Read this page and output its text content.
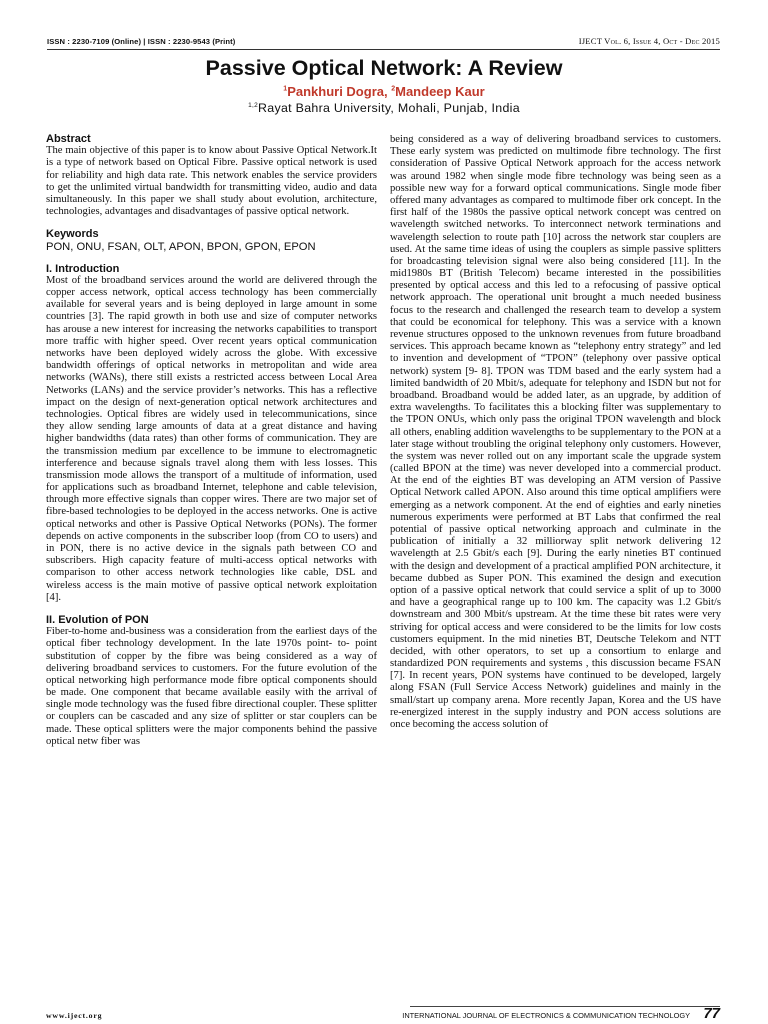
ISSN : 2230-7109 (Online) | ISSN : 2230-9543 (Print)	IJECT Vol. 6, Issue 4, Oct - Dec 2015
Passive Optical Network: A Review
$^1$Pankhuri Dogra, $^2$Mandeep Kaur
$^{1,2}$Rayat Bahra University, Mohali, Punjab, India

Abstract

The main objective of this paper is to know about Passive Optical Network.It is a type of network based on Optical Fibre. Passive optical network is used for reliability and high data rate. This network enables the service providers to get the unlimited virtual bandwidth for transmitting video, audio and data simultaneously. In this paper we shall study about evolution, architecture, technologies, advantages and disadvantages of passive optical network.

Keywords

PON, ONU, FSAN, OLT, APON, BPON, GPON, EPON

I. Introduction

Most of the broadband services around the world are delivered through the copper access network, optical access technology has been commercially available for several years and is being deployed in large amount in some countries [3]. The rapid growth in both use and size of computer networks has arouse a new interest for increasing the networks capabilities to transport more traffic with higher speed. Over recent years optical communication networks have been deployed widely across the globe. With excessive bandwidth offerings of optical networks in metropolitan and wide area networks (WANs), there still exists a restricted access between Local Area Networks (LANs) and the service provider’s networks. This has a reflective impact on the design of next-generation optical network architectures and technologies. Optical fibres are widely used in telecommunications, since they allow sending large amounts of data at a great distance and having higher bandwidths (data rates) than other forms of communication. They are the transmission medium par excellence to be immune to electromagnetic interference and because signals travel along them with less losses. This transmission mode allows the transport of a multitude of information, used for applications such as broadband Internet, telephone and cable television, through more effective signals than copper wires. There are two major set of fibre-based technologies to be deployed in the access networks. One is active optical networks and other is Passive Optical Networks (PONs). The former depends on active components in the subscriber loop (from CO to users) and in PON, there is no active device in the signals path between CO and subscribers. High capacity feature of multi-access optical networks with comparison to other access network technologies like cable, DSL and wireless access is the main motive of passive optical network exploitation [4].

II. Evolution of PON

Fiber-to-home and-business was a consideration from the earliest days of the optical fiber technology development. In the late 1970s point- to- point substitution of copper by the fibre was being considered as a way of delivering broadband services to customers. For the future evolution of the optical networking high performance mode fibre optical components should be made. One component that became available easily with the arrival of single mode technology was the fused fibre directional coupler. These splitter or couplers can be cascaded and any size of splitter or star couplers can be made. These optical splitters were the major components behind the passive optical netw fiber was

being considered as a way of delivering broadband services to customers. These early system was predicted on multimode fibre technology. The first consideration of Passive Optical Network approach for the access network was around 1982 when single mode fibre technology was being seen as a possible new way for a forward optical communications. Single mode fiber offered many advantages as compared to multimode fiber ork concept. In the first half of the 1980s the passive optical network concept was centred on wavelength switched networks. To interconnect network terminations and wavelength selection to route path [10] across the network star couplers are used. At the same time ideas of using the couplers as simple passive splitters for broadcasting television signal were also being considered [11]. In the mid1980s BT (British Telecom) became interested in the possibilities presented by optical access and this led to a refocusing of passive optical network approach. The operational unit brought a much needed business focus to the research and challenged the research team to develop a system that could be economical for telephony. This was a service with a known revenue structures opposed to the unknown revenues from future broadband services. This approach became known as “telephony entry strategy” and led to invention and development of “TPON” (telephony over passive optical network) system [9- 8]. TPON was TDM based and the early system had a limited bandwidth of 20 Mbit/s, adequate for telephony and ISDN but not for broadband. Broadband would be added later, as an upgrade, by addition of extra wavelengths. To facilitates this a blocking filter was supplementary to the TPON ONUs, which only pass the original TPON wavelength and block all others, enabling addition wavelengths to be supplementary to the PON at a later stage without troubling the original telephony only customers. However, the system was never rolled out on any important scale the upgrade system (called BPON at the time) was never developed into a commercial product. At the end of the eighties BT was developing an ATM version of Passive Optical Network called APON. Also around this time optical amplifiers were emerging as a network component. At the end of eighties and early nineties numerous experiments were performed at BT Labs that confirmed the real potential of passive optical networking approach and culminate in the publication of initially a 32 milliorway split network delivering 12 wavelength at 2.5 Gbit/s each [9]. During the early nineties BT continued with the design and development of a practical amplified PON architecture, it became dubbed as Super PON. This examined the design and execution option of a passive optical network that could service a split of up to 3000 and have a geographical range up to 100 km. The capacity was 1.2 Gbit/s downstream and 300 Mbit/s upstream. At the time these bit rates were very striving for optical access and were considered to be the limits for low costs customers equipment. In the mid nineties BT, Deutsche Telekom and NTT decided, with other operators, to set up a consortium to enlarge and standardized PON requirements and systems , this discussion became FSAN [7]. In recent years, PON systems have continued to be developed, largely along FSAN (Full Service Access Network) guidelines and mainly in the small/start up company arena. More recently Japan, Korea and the US have re-energized interest in the supply industry and PON access solutions are once becoming the access solution of

www.iject.org	INTERNATIONAL JOURNAL OF ELECTRONICS & COMMUNICATION TECHNOLOGY 77
